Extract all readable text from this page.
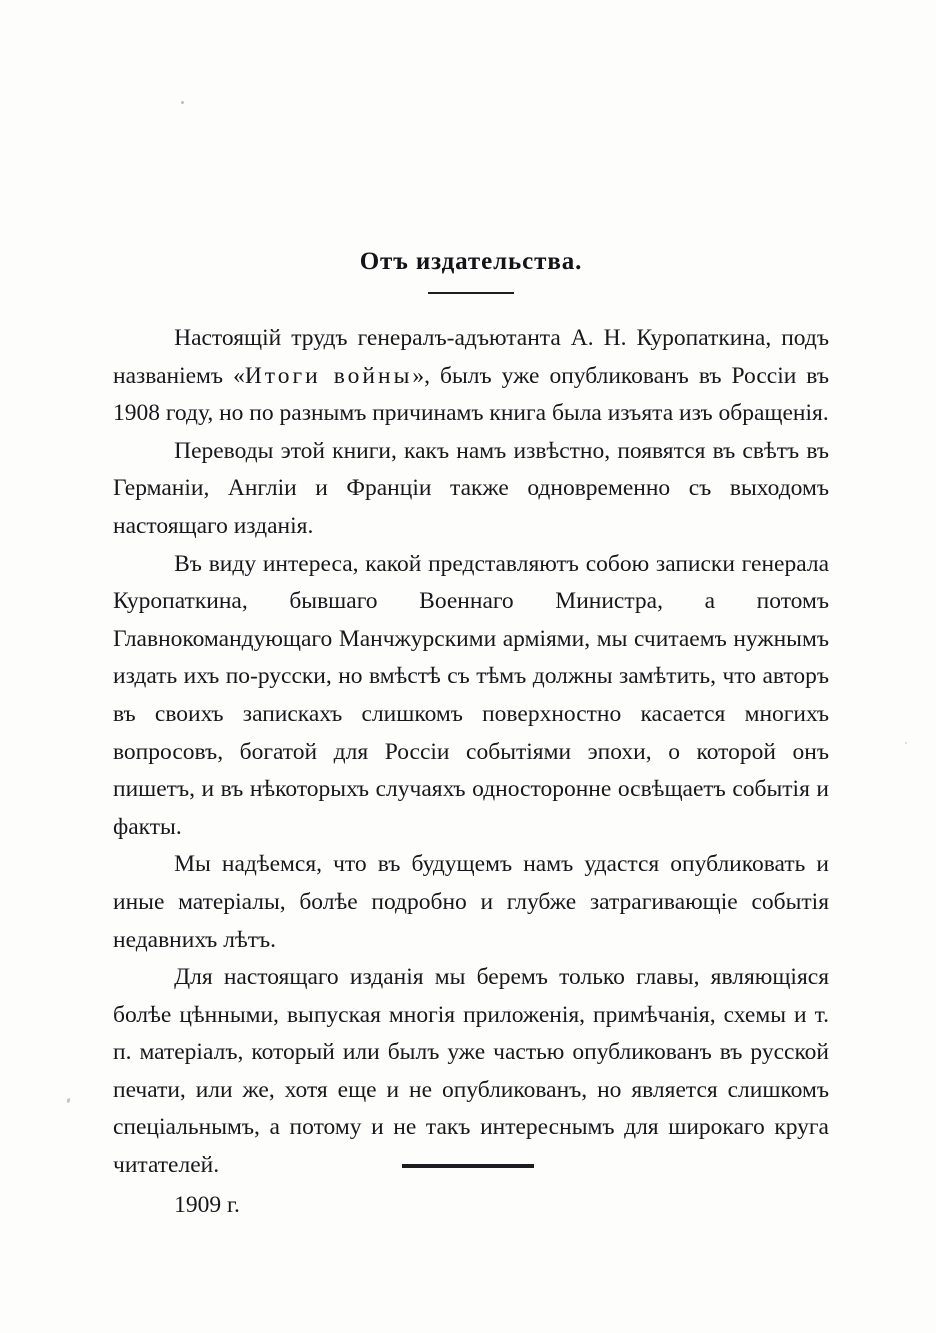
Отъ издательства.

Настоящій трудъ генералъ-адъютанта А. Н. Куропаткина, подъ названіемъ «Итоги войны», былъ уже опубликованъ въ Россіи въ 1908 году, но по разнымъ причинамъ книга была изъята изъ обращенія.

Переводы этой книги, какъ намъ извѣстно, появятся въ свѣтъ въ Германіи, Англіи и Франціи также одновременно съ выходомъ настоящаго изданія.

Въ виду интереса, какой представляютъ собою записки генерала Куропаткина, бывшаго Военнаго Министра, а потомъ Главнокомандующаго Манчжурскими арміями, мы считаемъ нужнымъ издать ихъ по-русски, но вмѣстѣ съ тѣмъ должны замѣтить, что авторъ въ своихъ запискахъ слишкомъ поверхностно касается многихъ вопросовъ, богатой для Россіи событіями эпохи, о которой онъ пишетъ, и въ нѣкоторыхъ случаяхъ односторонне освѣщаетъ событія и факты.

Мы надѣемся, что въ будущемъ намъ удастся опубликовать и иные матеріалы, болѣе подробно и глубже затрагивающіе событія недавнихъ лѣтъ.

Для настоящаго изданія мы беремъ только главы, являющіяся болѣе цѣнными, выпуская многія приложенія, примѣчанія, схемы и т. п. матеріалъ, который или былъ уже частью опубликованъ въ русской печати, или же, хотя еще и не опубликованъ, но является слишкомъ спеціальнымъ, а потому и не такъ интереснымъ для широкаго круга читателей.

1909 г.
